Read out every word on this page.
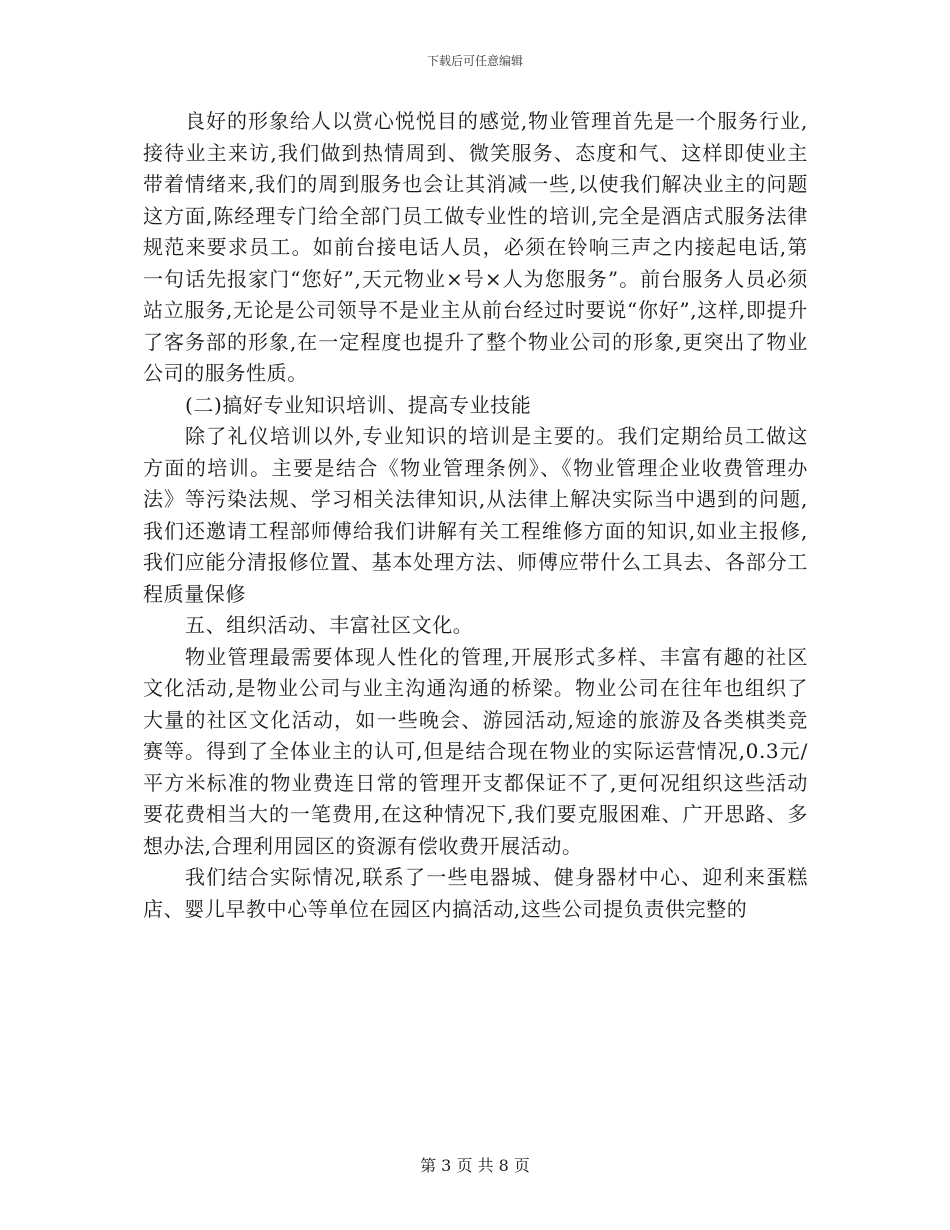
下载后可任意编辑

良好的形象给人以赏心悦悦目的感觉,物业管理首先是一个服务行业,接待业主来访,我们做到热情周到、微笑服务、态度和气、这样即使业主带着情绪来,我们的周到服务也会让其消减一些,以使我们解决业主的问题这方面,陈经理专门给全部门员工做专业性的培训,完全是酒店式服务法律规范来要求员工。如前台接电话人员，必须在铃响三声之内接起电话,第一句话先报家门“您好”,天元物业×号×人为您服务”。前台服务人员必须站立服务,无论是公司领导不是业主从前台经过时要说“你好”,这样,即提升了客务部的形象,在一定程度也提升了整个物业公司的形象,更突出了物业公司的服务性质。

(二)搞好专业知识培训、提高专业技能

除了礼仪培训以外,专业知识的培训是主要的。我们定期给员工做这方面的培训。主要是结合《物业管理条例》、《物业管理企业收费管理办法》等污染法规、学习相关法律知识,从法律上解决实际当中遇到的问题,我们还邀请工程部师傅给我们讲解有关工程维修方面的知识,如业主报修,我们应能分清报修位置、基本处理方法、师傅应带什么工具去、各部分工程质量保修

五、组织活动、丰富社区文化。

物业管理最需要体现人性化的管理,开展形式多样、丰富有趣的社区文化活动,是物业公司与业主沟通沟通的桥梁。物业公司在往年也组织了大量的社区文化活动，如一些晚会、游园活动,短途的旅游及各类棋类竞赛等。得到了全体业主的认可,但是结合现在物业的实际运营情况,0.3元/平方米标准的物业费连日常的管理开支都保证不了,更何况组织这些活动要花费相当大的一笔费用,在这种情况下,我们要克服困难、广开思路、多想办法,合理利用园区的资源有偿收费开展活动。

我们结合实际情况,联系了一些电器城、健身器材中心、迎利来蛋糕店、婴儿早教中心等单位在园区内搞活动,这些公司提负责供完整的

第 3 页 共 8 页
